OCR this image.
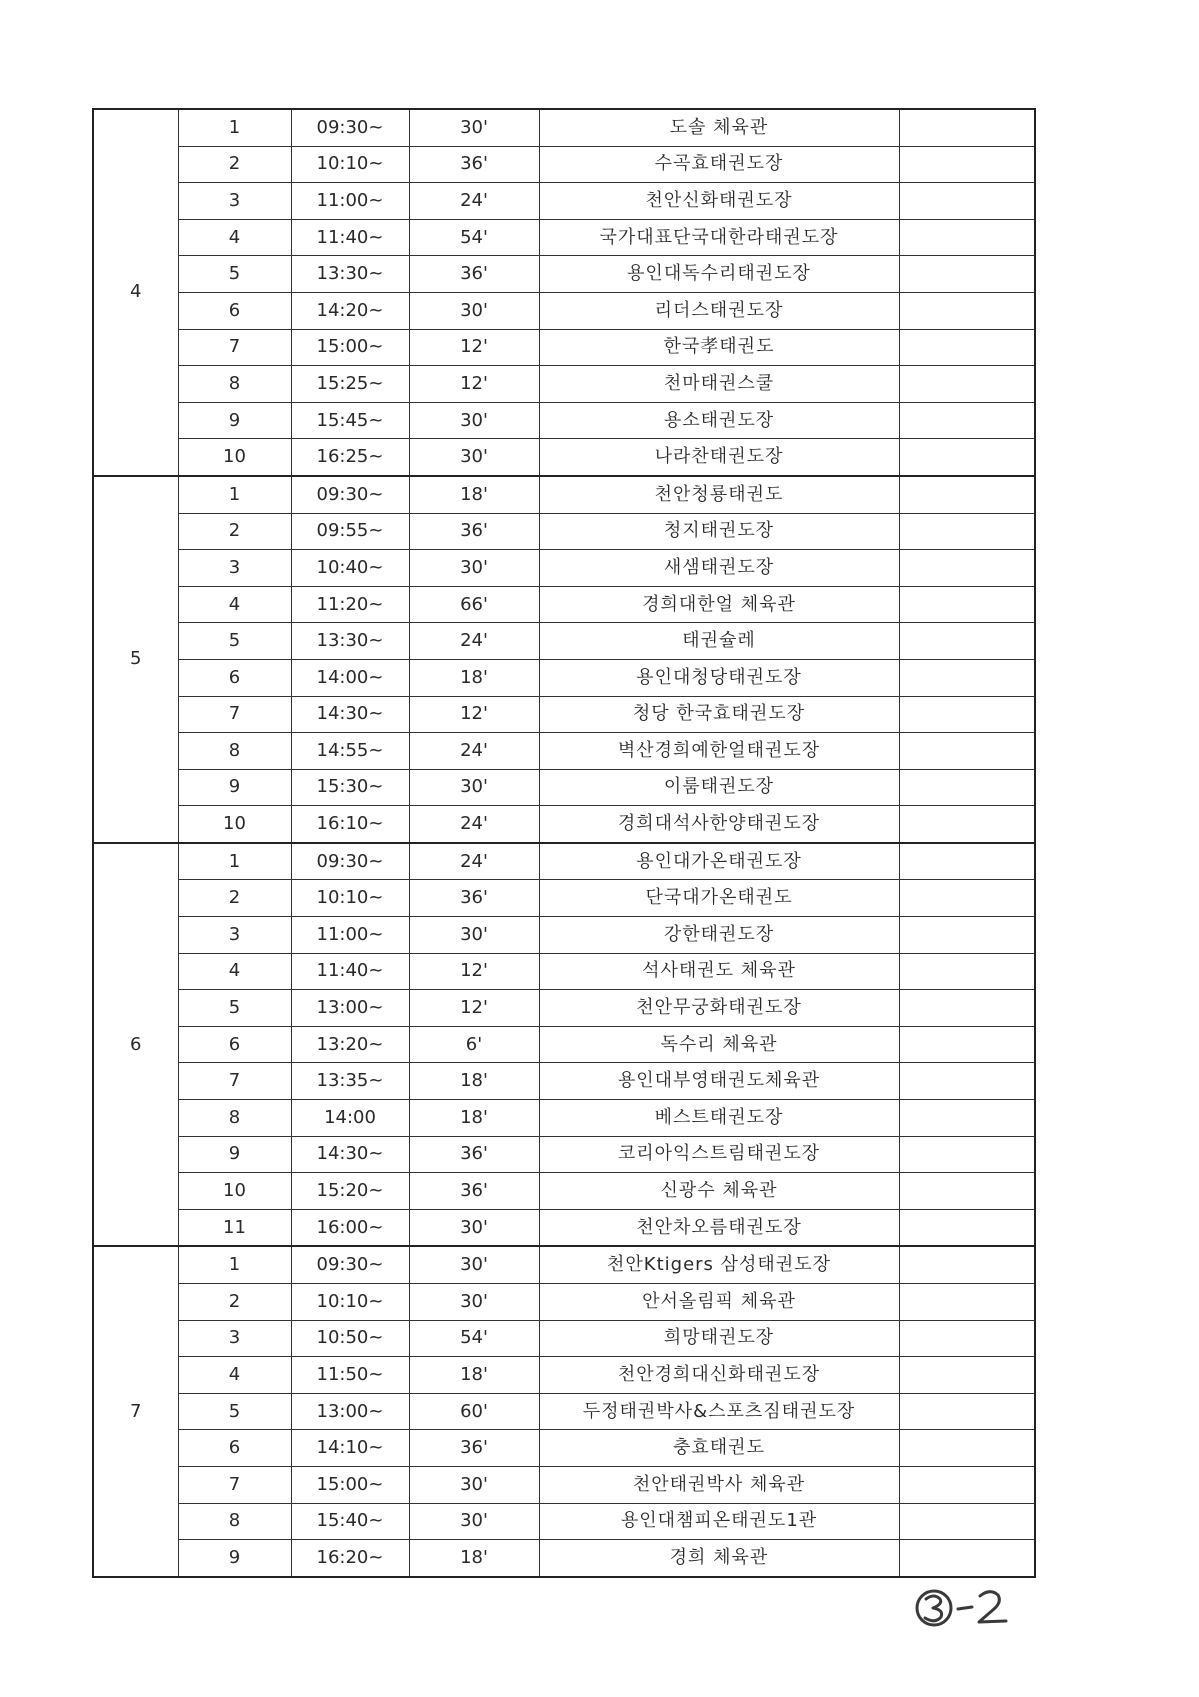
4	1	09:30~	30'	도솔 체육관	
	2	10:10~	36'	수곡효태권도장	
	3	11:00~	24'	천안신화태권도장	
	4	11:40~	54'	국가대표단국대한라태권도장	
	5	13:30~	36'	용인대독수리태권도장	
	6	14:20~	30'	리더스태권도장	
	7	15:00~	12'	한국孝태권도	
	8	15:25~	12'	천마태권스쿨	
	9	15:45~	30'	용소태권도장	
	10	16:25~	30'	나라찬태권도장	
5	1	09:30~	18'	천안청룡태권도	
	2	09:55~	36'	청지태권도장	
	3	10:40~	30'	새샘태권도장	
	4	11:20~	66'	경희대한얼 체육관	
	5	13:30~	24'	태권슐레	
	6	14:00~	18'	용인대청당태권도장	
	7	14:30~	12'	청당 한국효태권도장	
	8	14:55~	24'	벽산경희예한얼태권도장	
	9	15:30~	30'	이룸태권도장	
	10	16:10~	24'	경희대석사한양태권도장	
6	1	09:30~	24'	용인대가온태권도장	
	2	10:10~	36'	단국대가온태권도	
	3	11:00~	30'	강한태권도장	
	4	11:40~	12'	석사태권도 체육관	
	5	13:00~	12'	천안무궁화태권도장	
	6	13:20~	6'	독수리 체육관	
	7	13:35~	18'	용인대부영태권도체육관	
	8	14:00	18'	베스트태권도장	
	9	14:30~	36'	코리아익스트림태권도장	
	10	15:20~	36'	신광수 체육관	
	11	16:00~	30'	천안차오름태권도장	
7	1	09:30~	30'	천안Ktigers 삼성태권도장	
	2	10:10~	30'	안서올림픽 체육관	
	3	10:50~	54'	희망태권도장	
	4	11:50~	18'	천안경희대신화태권도장	
	5	13:00~	60'	두정태권박사&스포츠짐태권도장	
	6	14:10~	36'	충효태권도	
	7	15:00~	30'	천안태권박사 체육관	
	8	15:40~	30'	용인대챔피온태권도1관	
	9	16:20~	18'	경희 체육관	
